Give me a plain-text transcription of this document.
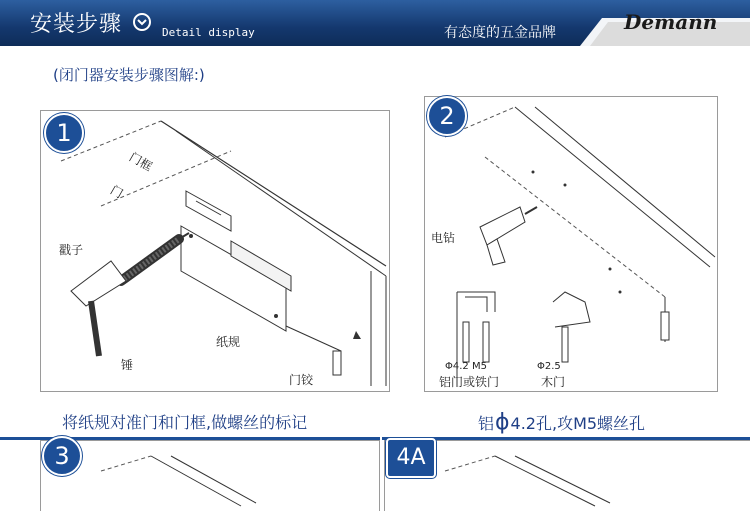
安装步骤	Detail display	有态度的五金品牌	Demann
(闭门器安装步骤图解:)
1
门框
门
戳子
纸规
锤
门铰
2
电钻
Φ4.2 M5
铝门或铁门
Φ2.5
木门
将纸规对准门和门框,做螺丝的标记	铝ϕ4.2孔,攻M5螺丝孔
3	4A
